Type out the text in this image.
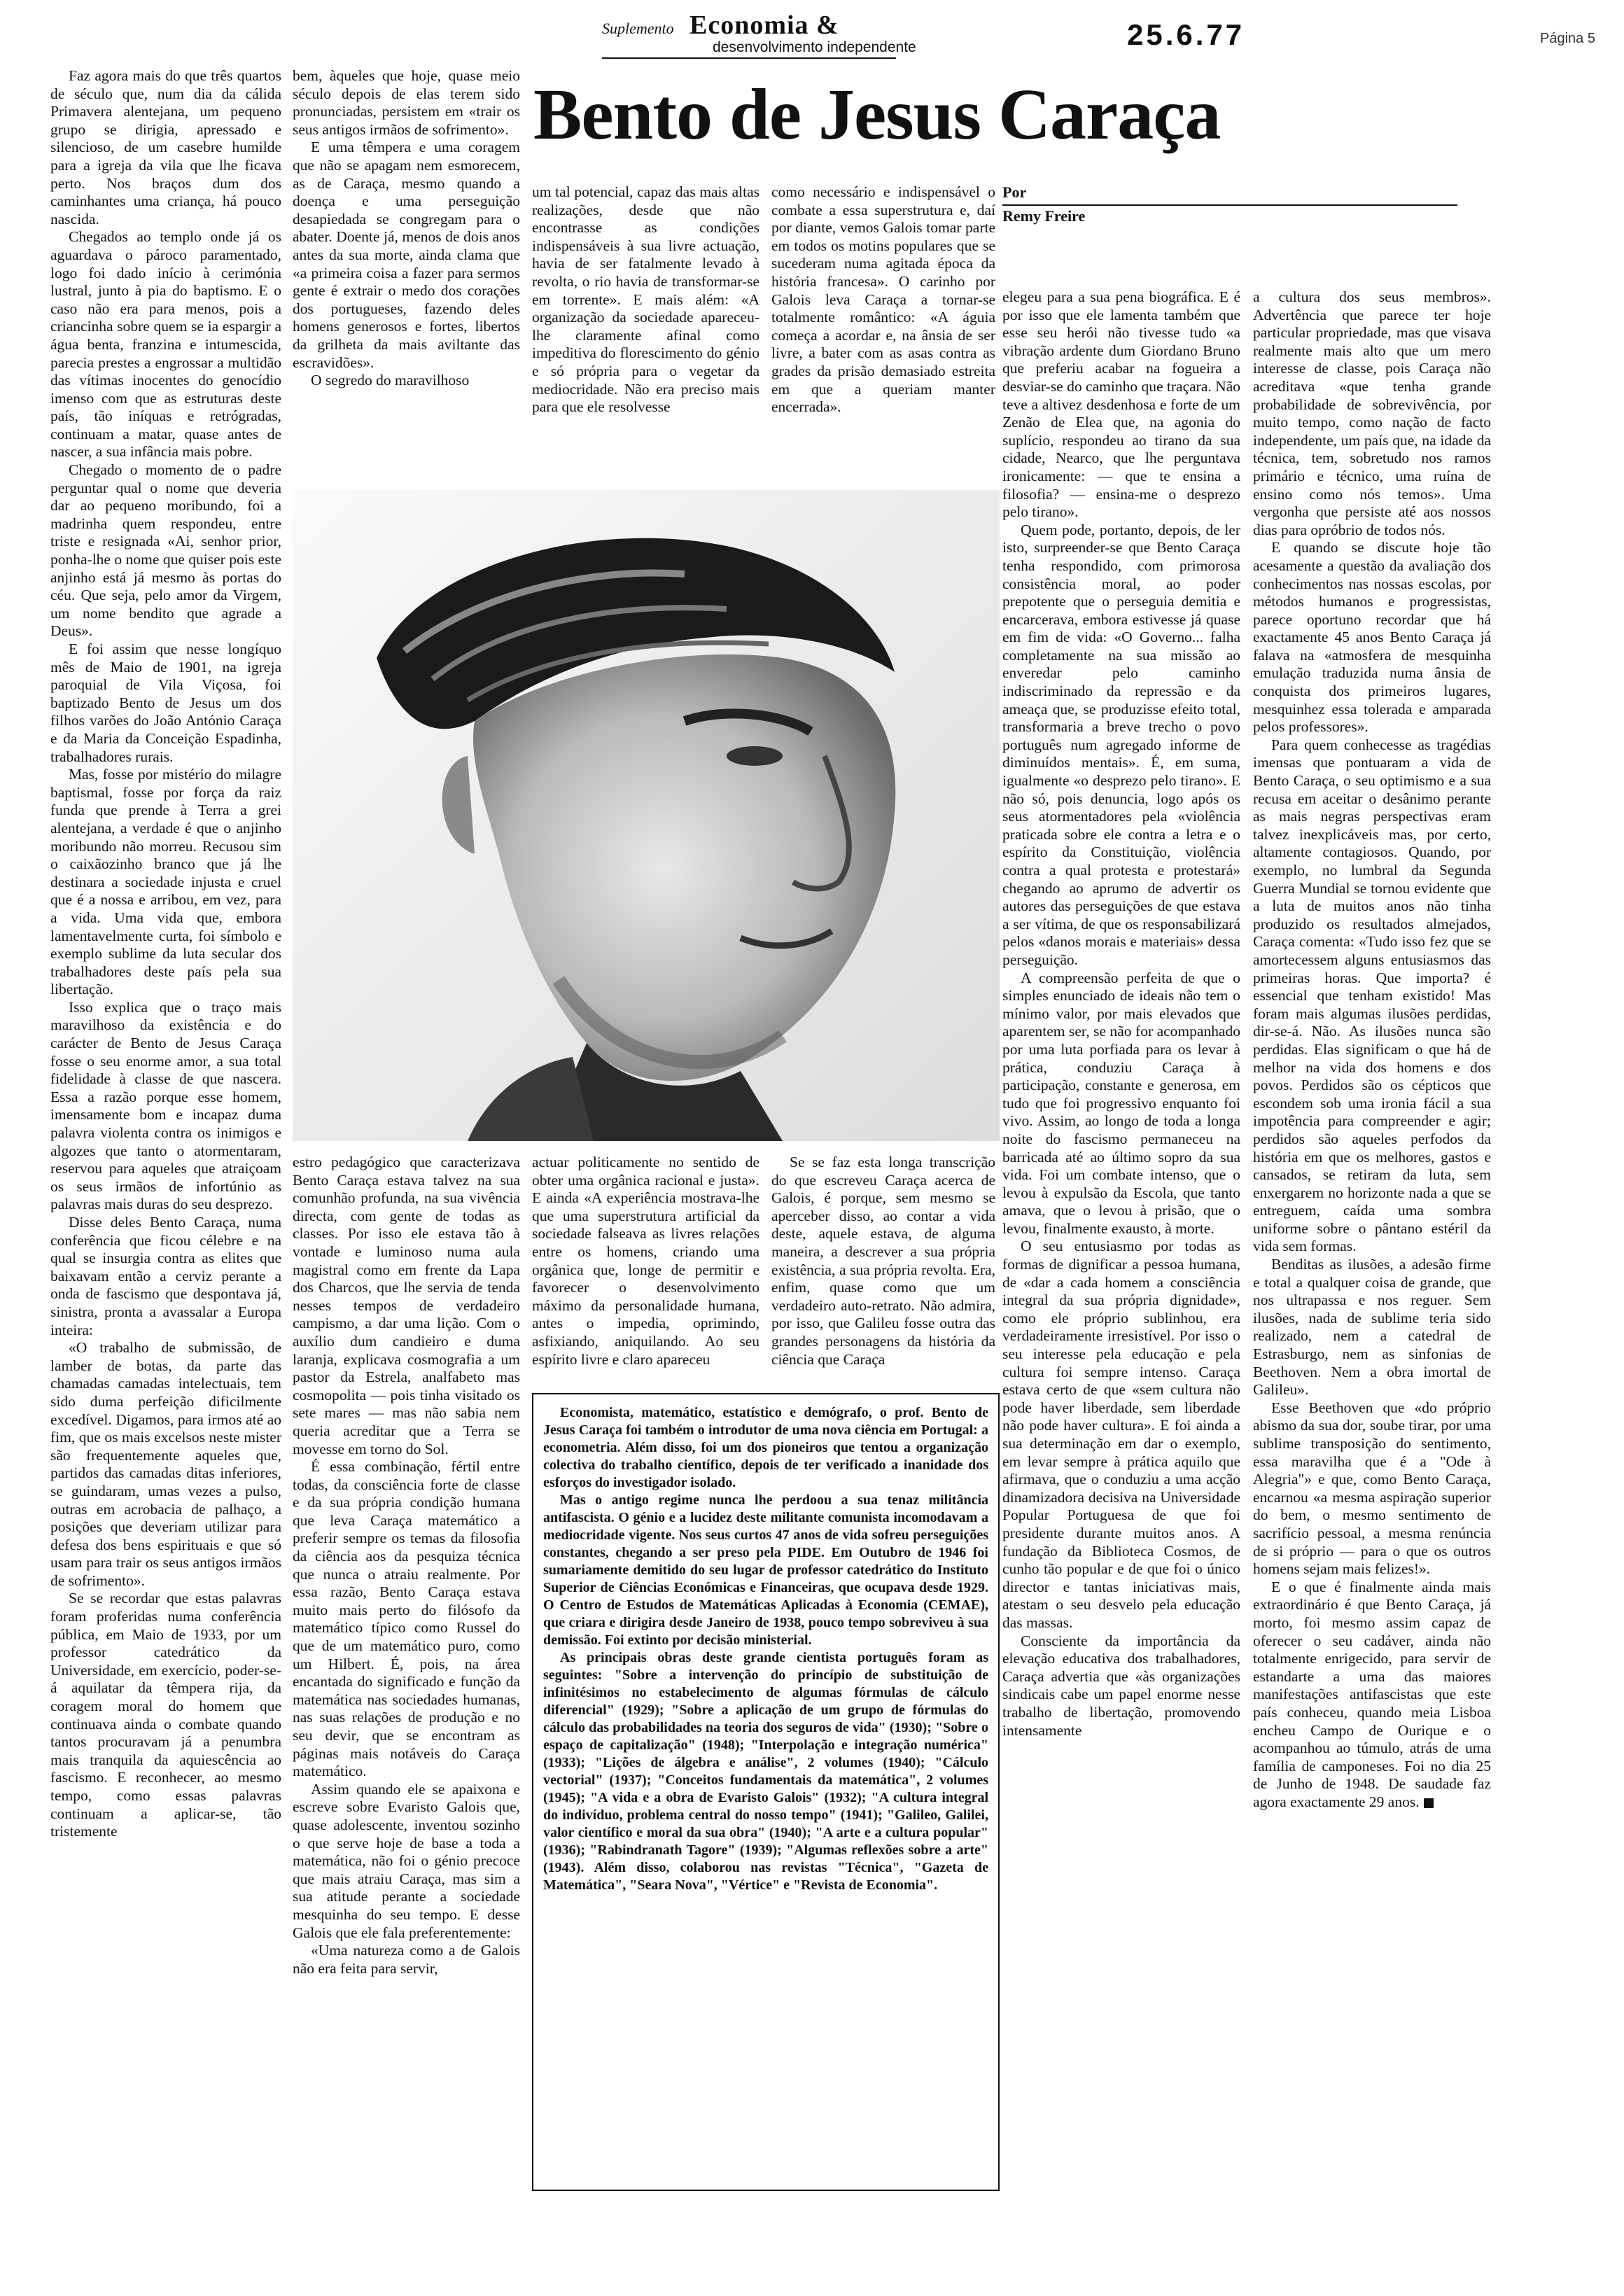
Suplemento Economia &
desenvolvimento independente	25.6.77	Página 5
Bento de Jesus Caraça
Por
Remy Freire

Faz agora mais do que três quartos de século que, num dia da cálida Primavera alentejana, um pequeno grupo se dirigia, apressado e silencioso, de um casebre humilde para a igreja da vila que lhe ficava perto. Nos braços dum dos caminhantes uma criança, há pouco nascida.

Chegados ao templo onde já os aguardava o pároco paramentado, logo foi dado início à cerimónia lustral, junto à pia do baptismo. E o caso não era para menos, pois a criancinha sobre quem se ia espargir a água benta, franzina e intumescida, parecia prestes a engrossar a multidão das vítimas inocentes do genocídio imenso com que as estruturas deste país, tão iníquas e retrógradas, continuam a matar, quase antes de nascer, a sua infância mais pobre.

Chegado o momento de o padre perguntar qual o nome que deveria dar ao pequeno moribundo, foi a madrinha quem respondeu, entre triste e resignada «Ai, senhor prior, ponha-lhe o nome que quiser pois este anjinho está já mesmo às portas do céu. Que seja, pelo amor da Virgem, um nome bendito que agrade a Deus».

E foi assim que nesse longíquo mês de Maio de 1901, na igreja paroquial de Vila Viçosa, foi baptizado Bento de Jesus um dos filhos varões do João António Caraça e da Maria da Conceição Espadinha, trabalhadores rurais.

Mas, fosse por mistério do milagre baptismal, fosse por força da raiz funda que prende à Terra a grei alentejana, a verdade é que o anjinho moribundo não morreu. Recusou sim o caixãozinho branco que já lhe destinara a sociedade injusta e cruel que é a nossa e arribou, em vez, para a vida. Uma vida que, embora lamentavelmente curta, foi símbolo e exemplo sublime da luta secular dos trabalhadores deste país pela sua libertação.

Isso explica que o traço mais maravilhoso da existência e do carácter de Bento de Jesus Caraça fosse o seu enorme amor, a sua total fidelidade à classe de que nascera. Essa a razão porque esse homem, imensamente bom e incapaz duma palavra violenta contra os inimigos e algozes que tanto o atormentaram, reservou para aqueles que atraiçoam os seus irmãos de infortúnio as palavras mais duras do seu desprezo.

Disse deles Bento Caraça, numa conferência que ficou célebre e na qual se insurgia contra as elites que baixavam então a cerviz perante a onda de fascismo que despontava já, sinistra, pronta a avassalar a Europa inteira:

«O trabalho de submissão, de lamber de botas, da parte das chamadas camadas intelectuais, tem sido duma perfeição dificilmente excedível. Digamos, para irmos até ao fim, que os mais excelsos neste mister são frequentemente aqueles que, partidos das camadas ditas inferiores, se guindaram, umas vezes a pulso, outras em acrobacia de palhaço, a posições que deveriam utilizar para defesa dos bens espirituais e que só usam para trair os seus antigos irmãos de sofrimento».

Se se recordar que estas palavras foram proferidas numa conferência pública, em Maio de 1933, por um professor catedrático da Universidade, em exercício, poder-se-á aquilatar da têmpera rija, da coragem moral do homem que continuava ainda o combate quando tantos procuravam já a penumbra mais tranquila da aquiescência ao fascismo. E reconhecer, ao mesmo tempo, como essas palavras continuam a aplicar-se, tão tristemente

bem, àqueles que hoje, quase meio século depois de elas terem sido pronunciadas, persistem em «trair os seus antigos irmãos de sofrimento».

E uma têmpera e uma coragem que não se apagam nem esmorecem, as de Caraça, mesmo quando a doença e uma perseguição desapiedada se congregam para o abater. Doente já, menos de dois anos antes da sua morte, ainda clama que «a primeira coisa a fazer para sermos gente é extrair o medo dos corações dos portugueses, fazendo deles homens generosos e fortes, libertos da grilheta da mais aviltante das escravidões».

O segredo do maravilhoso

um tal potencial, capaz das mais altas realizações, desde que não encontrasse as condições indispensáveis à sua livre actuação, havia de ser fatalmente levado à revolta, o rio havia de transformar-se em torrente». E mais além: «A organização da sociedade apareceu-lhe claramente afinal como impeditiva do florescimento do génio e só própria para o vegetar da mediocridade. Não era preciso mais para que ele resolvesse

como necessário e indispensável o combate a essa superstrutura e, daí por diante, vemos Galois tomar parte em todos os motins populares que se sucederam numa agitada época da história francesa». O carinho por Galois leva Caraça a tornar-se totalmente romântico: «A águia começa a acordar e, na ânsia de ser livre, a bater com as asas contra as grades da prisão demasiado estreita em que a queriam manter encerrada».

estro pedagógico que caracterizava Bento Caraça estava talvez na sua comunhão profunda, na sua vivência directa, com gente de todas as classes. Por isso ele estava tão à vontade e luminoso numa aula magistral como em frente da Lapa dos Charcos, que lhe servia de tenda nesses tempos de verdadeiro campismo, a dar uma lição. Com o auxílio dum candieiro e duma laranja, explicava cosmografia a um pastor da Estrela, analfabeto mas cosmopolita — pois tinha visitado os sete mares — mas não sabia nem queria acreditar que a Terra se movesse em torno do Sol.

É essa combinação, fértil entre todas, da consciência forte de classe e da sua própria condição humana que leva Caraça matemático a preferir sempre os temas da filosofia da ciência aos da pesquiza técnica que nunca o atraiu realmente. Por essa razão, Bento Caraça estava muito mais perto do filósofo da matemático típico como Russel do que de um matemático puro, como um Hilbert. É, pois, na área encantada do significado e função da matemática nas sociedades humanas, nas suas relações de produção e no seu devir, que se encontram as páginas mais notáveis do Caraça matemático.

Assim quando ele se apaixona e escreve sobre Evaristo Galois que, quase adolescente, inventou sozinho o que serve hoje de base a toda a matemática, não foi o génio precoce que mais atraiu Caraça, mas sim a sua atitude perante a sociedade mesquinha do seu tempo. E desse Galois que ele fala preferentemente:

«Uma natureza como a de Galois não era feita para servir,

actuar politicamente no sentido de obter uma orgânica racional e justa». E ainda «A experiência mostrava-lhe que uma superstrutura artificial da sociedade falseava as livres relações entre os homens, criando uma orgânica que, longe de permitir e favorecer o desenvolvimento máximo da personalidade humana, antes o impedia, oprimindo, asfixiando, aniquilando. Ao seu espírito livre e claro apareceu

Se se faz esta longa transcrição do que escreveu Caraça acerca de Galois, é porque, sem mesmo se aperceber disso, ao contar a vida deste, aquele estava, de alguma maneira, a descrever a sua própria existência, a sua própria revolta. Era, enfim, quase como que um verdadeiro auto-retrato. Não admira, por isso, que Galileu fosse outra das grandes personagens da história da ciência que Caraça

Economista, matemático, estatístico e demógrafo, o prof. Bento de Jesus Caraça foi também o introdutor de uma nova ciência em Portugal: a econometria. Além disso, foi um dos pioneiros que tentou a organização colectiva do trabalho científico, depois de ter verificado a inanidade dos esforços do investigador isolado.

Mas o antigo regime nunca lhe perdoou a sua tenaz militância antifascista. O génio e a lucidez deste militante comunista incomodavam a mediocridade vigente. Nos seus curtos 47 anos de vida sofreu perseguições constantes, chegando a ser preso pela PIDE. Em Outubro de 1946 foi sumariamente demitido do seu lugar de professor catedrático do Instituto Superior de Ciências Económicas e Financeiras, que ocupava desde 1929. O Centro de Estudos de Matemáticas Aplicadas à Economia (CEMAE), que criara e dirigira desde Janeiro de 1938, pouco tempo sobreviveu à sua demissão. Foi extinto por decisão ministerial.

As principais obras deste grande cientista português foram as seguintes: "Sobre a intervenção do princípio de substituição de infinitésimos no estabelecimento de algumas fórmulas de cálculo diferencial" (1929); "Sobre a aplicação de um grupo de fórmulas do cálculo das probabilidades na teoria dos seguros de vida" (1930); "Sobre o espaço de capitalização" (1948); "Interpolação e integração numérica" (1933); "Lições de álgebra e análise", 2 volumes (1940); "Cálculo vectorial" (1937); "Conceitos fundamentais da matemática", 2 volumes (1945); "A vida e a obra de Evaristo Galois" (1932); "A cultura integral do indivíduo, problema central do nosso tempo" (1941); "Galileo, Galilei, valor científico e moral da sua obra" (1940); "A arte e a cultura popular" (1936); "Rabindranath Tagore" (1939); "Algumas reflexões sobre a arte" (1943). Além disso, colaborou nas revistas "Técnica", "Gazeta de Matemática", "Seara Nova", "Vértice" e "Revista de Economia".

elegeu para a sua pena biográfica. E é por isso que ele lamenta também que esse seu herói não tivesse tudo «a vibração ardente dum Giordano Bruno que preferiu acabar na fogueira a desviar-se do caminho que traçara. Não teve a altivez desdenhosa e forte de um Zenão de Elea que, na agonia do suplício, respondeu ao tirano da sua cidade, Nearco, que lhe perguntava ironicamente: — que te ensina a filosofia? — ensina-me o desprezo pelo tirano».

Quem pode, portanto, depois, de ler isto, surpreender-se que Bento Caraça tenha respondido, com primorosa consistência moral, ao poder prepotente que o perseguia demitia e encarcerava, embora estivesse já quase em fim de vida: «O Governo... falha completamente na sua missão ao enveredar pelo caminho indiscriminado da repressão e da ameaça que, se produzisse efeito total, transformaria a breve trecho o povo português num agregado informe de diminuídos mentais». É, em suma, igualmente «o desprezo pelo tirano». E não só, pois denuncia, logo após os seus atormentadores pela «violência praticada sobre ele contra a letra e o espírito da Constituição, violência contra a qual protesta e protestará» chegando ao aprumo de advertir os autores das perseguições de que estava a ser vítima, de que os responsabilizará pelos «danos morais e materiais» dessa perseguição.

A compreensão perfeita de que o simples enunciado de ideais não tem o mínimo valor, por mais elevados que aparentem ser, se não for acompanhado por uma luta porfiada para os levar à prática, conduziu Caraça à participação, constante e generosa, em tudo que foi progressivo enquanto foi vivo. Assim, ao longo de toda a longa noite do fascismo permaneceu na barricada até ao último sopro da sua vida. Foi um combate intenso, que o levou à expulsão da Escola, que tanto amava, que o levou à prisão, que o levou, finalmente exausto, à morte.

O seu entusiasmo por todas as formas de dignificar a pessoa humana, de «dar a cada homem a consciência integral da sua própria dignidade», como ele próprio sublinhou, era verdadeiramente irresistível. Por isso o seu interesse pela educação e pela cultura foi sempre intenso. Caraça estava certo de que «sem cultura não pode haver liberdade, sem liberdade não pode haver cultura». E foi ainda a sua determinação em dar o exemplo, em levar sempre à prática aquilo que afirmava, que o conduziu a uma acção dinamizadora decisiva na Universidade Popular Portuguesa de que foi presidente durante muitos anos. A fundação da Biblioteca Cosmos, de cunho tão popular e de que foi o único director e tantas iniciativas mais, atestam o seu desvelo pela educação das massas.

Consciente da importância da elevação educativa dos trabalhadores, Caraça advertia que «às organizações sindicais cabe um papel enorme nesse trabalho de libertação, promovendo intensamente

a cultura dos seus membros». Advertência que parece ter hoje particular propriedade, mas que visava realmente mais alto que um mero interesse de classe, pois Caraça não acreditava «que tenha grande probabilidade de sobrevivência, por muito tempo, como nação de facto independente, um país que, na idade da técnica, tem, sobretudo nos ramos primário e técnico, uma ruína de ensino como nós temos». Uma vergonha que persiste até aos nossos dias para opróbrio de todos nós.

E quando se discute hoje tão acesamente a questão da avaliação dos conhecimentos nas nossas escolas, por métodos humanos e progressistas, parece oportuno recordar que há exactamente 45 anos Bento Caraça já falava na «atmosfera de mesquinha emulação traduzida numa ânsia de conquista dos primeiros lugares, mesquinhez essa tolerada e amparada pelos professores».

Para quem conhecesse as tragédias imensas que pontuaram a vida de Bento Caraça, o seu optimismo e a sua recusa em aceitar o desânimo perante as mais negras perspectivas eram talvez inexplicáveis mas, por certo, altamente contagiosos. Quando, por exemplo, no lumbral da Segunda Guerra Mundial se tornou evidente que a luta de muitos anos não tinha produzido os resultados almejados, Caraça comenta: «Tudo isso fez que se amortecessem alguns entusiasmos das primeiras horas. Que importa? é essencial que tenham existido! Mas foram mais algumas ilusões perdidas, dir-se-á. Não. As ilusões nunca são perdidas. Elas significam o que há de melhor na vida dos homens e dos povos. Perdidos são os cépticos que escondem sob uma ironia fácil a sua impotência para compreender e agir; perdidos são aqueles perfodos da história em que os melhores, gastos e cansados, se retiram da luta, sem enxergarem no horizonte nada a que se entreguem, caída uma sombra uniforme sobre o pântano estéril da vida sem formas.

Benditas as ilusões, a adesão firme e total a qualquer coisa de grande, que nos ultrapassa e nos reguer. Sem ilusões, nada de sublime teria sido realizado, nem a catedral de Estrasburgo, nem as sinfonias de Beethoven. Nem a obra imortal de Galileu».

Esse Beethoven que «do próprio abismo da sua dor, soube tirar, por uma sublime transposição do sentimento, essa maravilha que é a "Ode à Alegria"» e que, como Bento Caraça, encarnou «a mesma aspiração superior do bem, o mesmo sentimento de sacrifício pessoal, a mesma renúncia de si próprio — para o que os outros homens sejam mais felizes!».

E o que é finalmente ainda mais extraordinário é que Bento Caraça, já morto, foi mesmo assim capaz de oferecer o seu cadáver, ainda não totalmente enrigecido, para servir de estandarte a uma das maiores manifestações antifascistas que este país conheceu, quando meia Lisboa encheu Campo de Ourique e o acompanhou ao túmulo, atrás de uma família de camponeses. Foi no dia 25 de Junho de 1948. De saudade faz agora exactamente 29 anos.
